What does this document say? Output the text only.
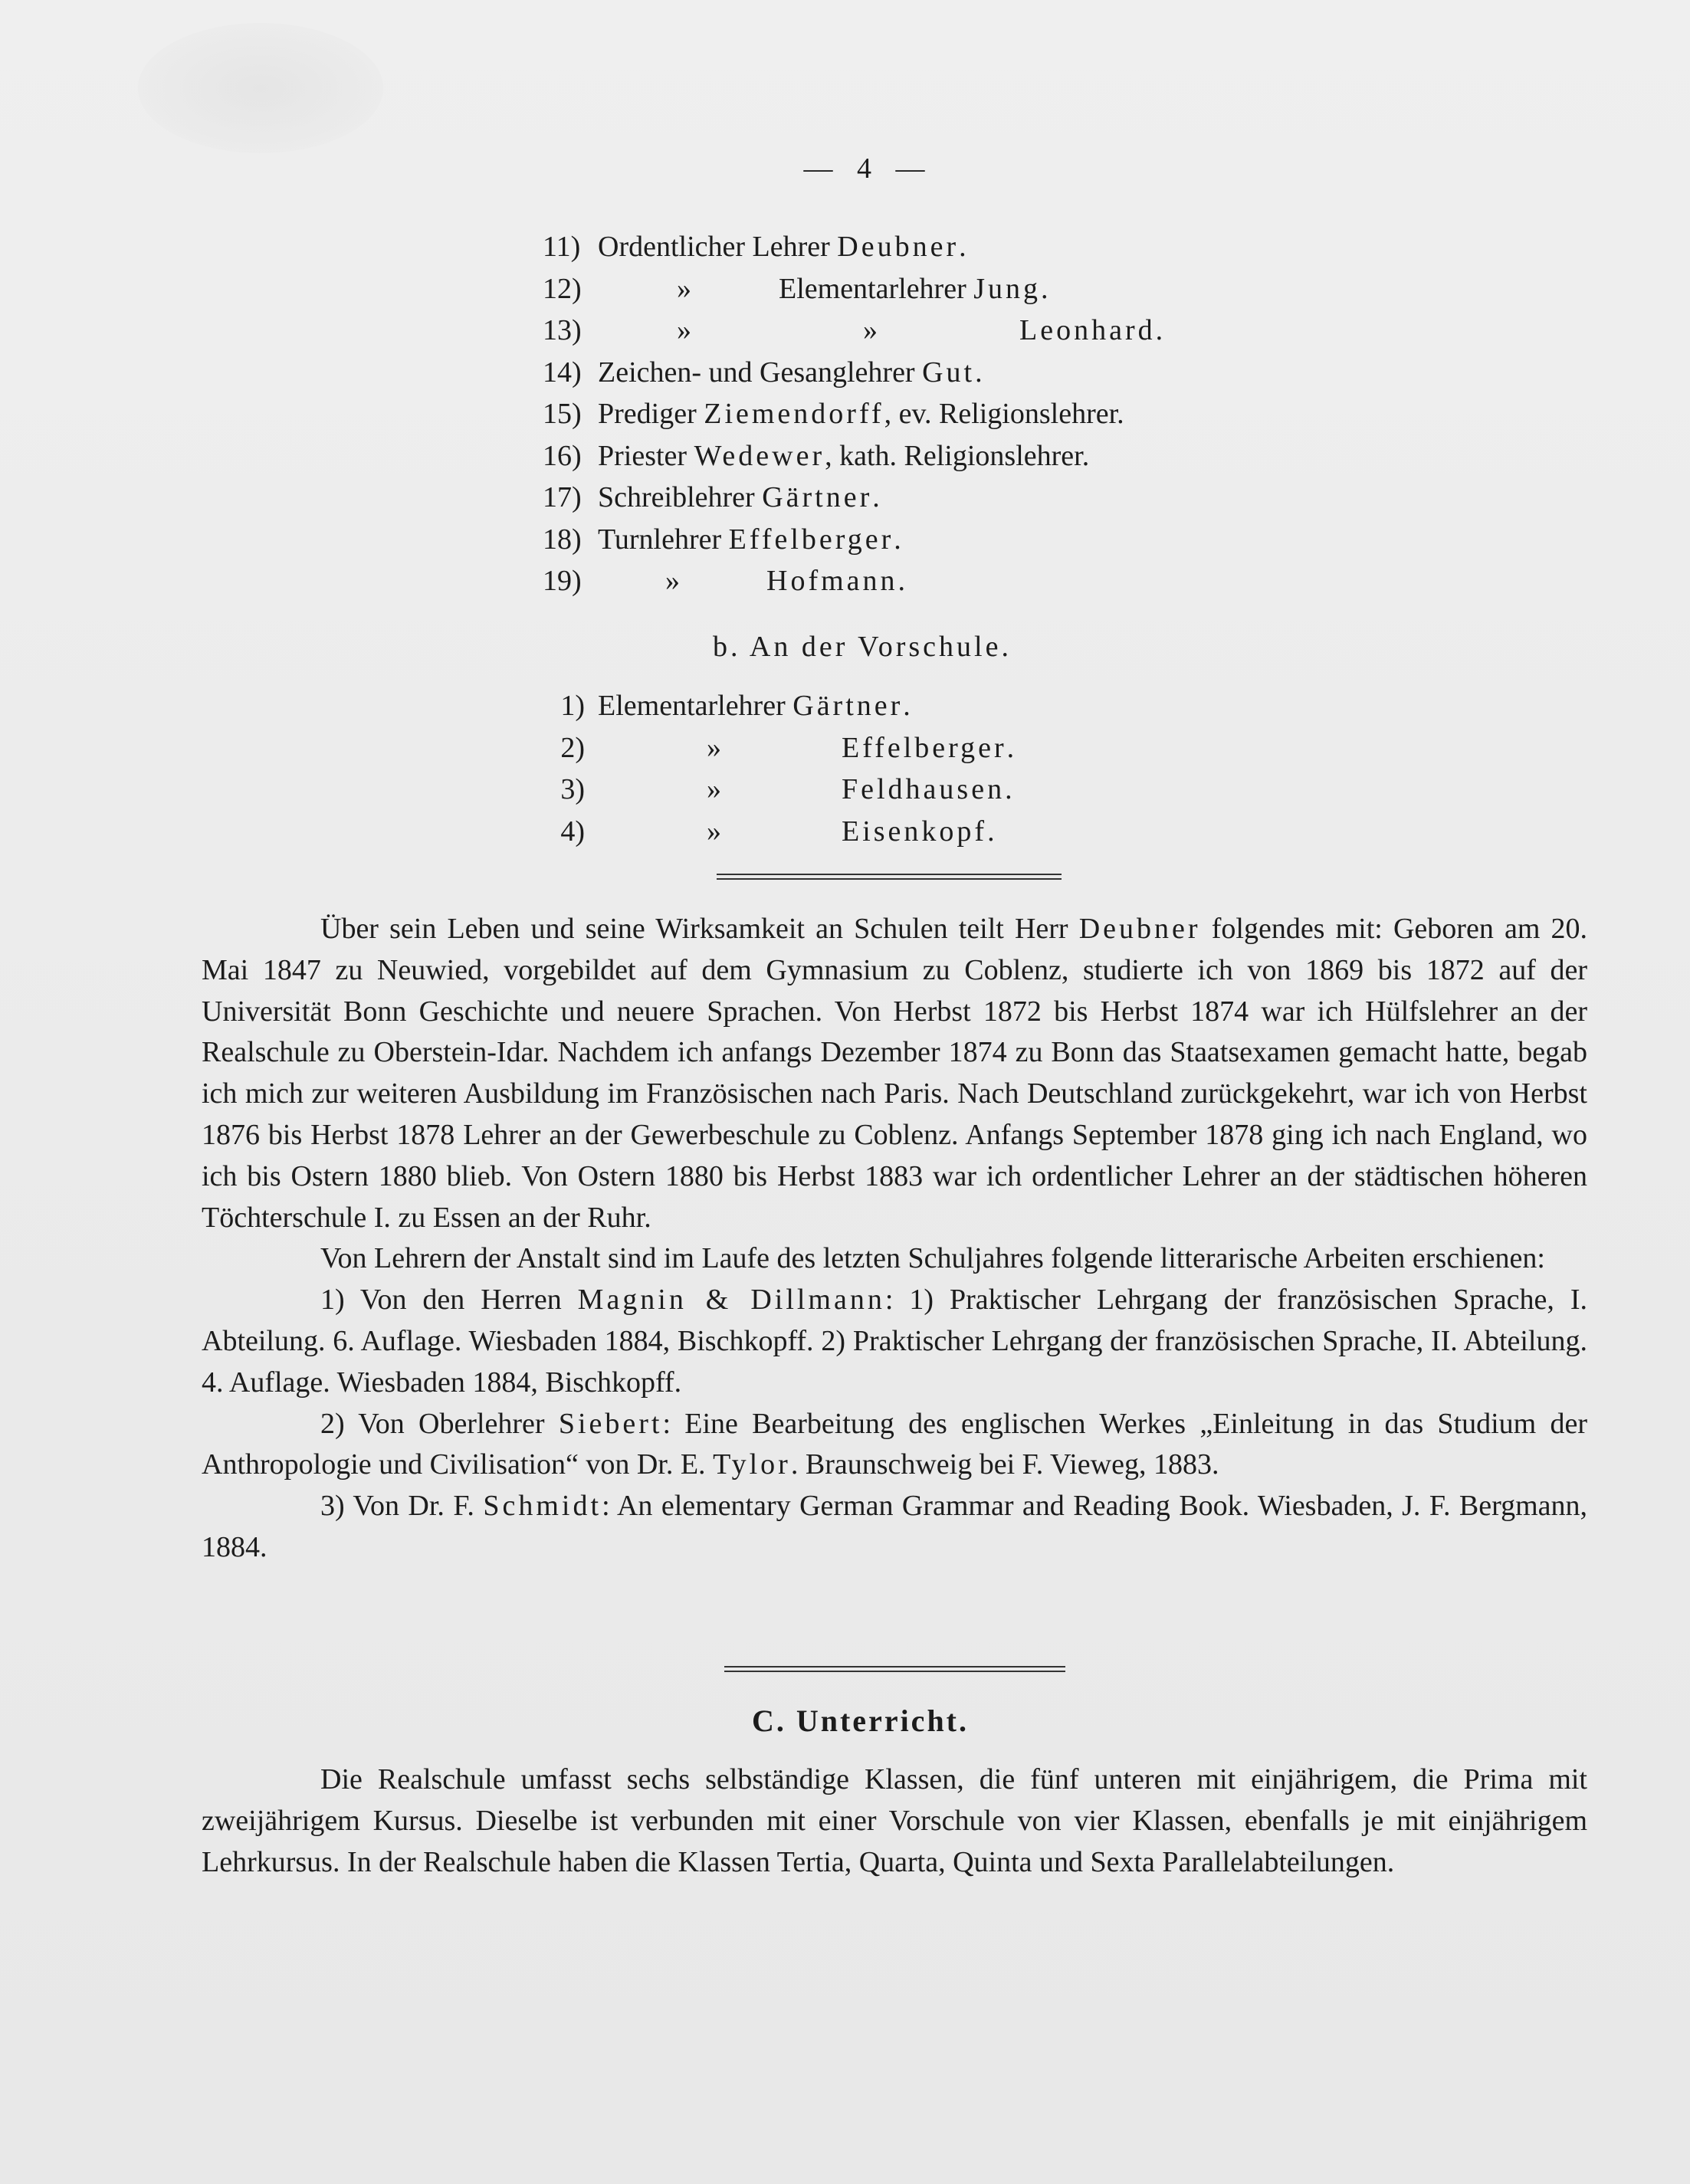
— 4 —
11) Ordentlicher Lehrer Deubner.
12)	»	Elementarlehrer Jung.
13)	»	»	Leonhard.
14) Zeichen- und Gesanglehrer Gut.
15) Prediger Ziemendorff, ev. Religionslehrer.
16) Priester Wedewer, kath. Religionslehrer.
17) Schreiblehrer Gärtner.
18) Turnlehrer Effelberger.
19)	»	Hofmann.
b. An der Vorschule.
1) Elementarlehrer Gärtner.
2)	»	Effelberger.
3)	»	Feldhausen.
4)	»	Eisenkopf.

Über sein Leben und seine Wirksamkeit an Schulen teilt Herr Deubner folgendes mit: Geboren am 20. Mai 1847 zu Neuwied, vorgebildet auf dem Gymnasium zu Coblenz, studierte ich von 1869 bis 1872 auf der Universität Bonn Geschichte und neuere Sprachen. Von Herbst 1872 bis Herbst 1874 war ich Hülfslehrer an der Realschule zu Oberstein-Idar. Nachdem ich anfangs Dezember 1874 zu Bonn das Staatsexamen gemacht hatte, begab ich mich zur weiteren Ausbildung im Französischen nach Paris. Nach Deutschland zurückgekehrt, war ich von Herbst 1876 bis Herbst 1878 Lehrer an der Gewerbeschule zu Coblenz. Anfangs September 1878 ging ich nach England, wo ich bis Ostern 1880 blieb. Von Ostern 1880 bis Herbst 1883 war ich ordentlicher Lehrer an der städtischen höheren Töchterschule I. zu Essen an der Ruhr.

Von Lehrern der Anstalt sind im Laufe des letzten Schuljahres folgende litterarische Arbeiten erschienen:

1) Von den Herren Magnin & Dillmann: 1) Praktischer Lehrgang der französischen Sprache, I. Abteilung. 6. Auflage. Wiesbaden 1884, Bischkopff. 2) Praktischer Lehrgang der französischen Sprache, II. Abteilung. 4. Auflage. Wiesbaden 1884, Bischkopff.

2) Von Oberlehrer Siebert: Eine Bearbeitung des englischen Werkes „Einleitung in das Studium der Anthropologie und Civilisation“ von Dr. E. Tylor. Braunschweig bei F. Vieweg, 1883.

3) Von Dr. F. Schmidt: An elementary German Grammar and Reading Book. Wiesbaden, J. F. Bergmann, 1884.

C. Unterricht.

Die Realschule umfasst sechs selbständige Klassen, die fünf unteren mit einjährigem, die Prima mit zweijährigem Kursus. Dieselbe ist verbunden mit einer Vorschule von vier Klassen, ebenfalls je mit einjährigem Lehrkursus. In der Realschule haben die Klassen Tertia, Quarta, Quinta und Sexta Parallelabteilungen.
